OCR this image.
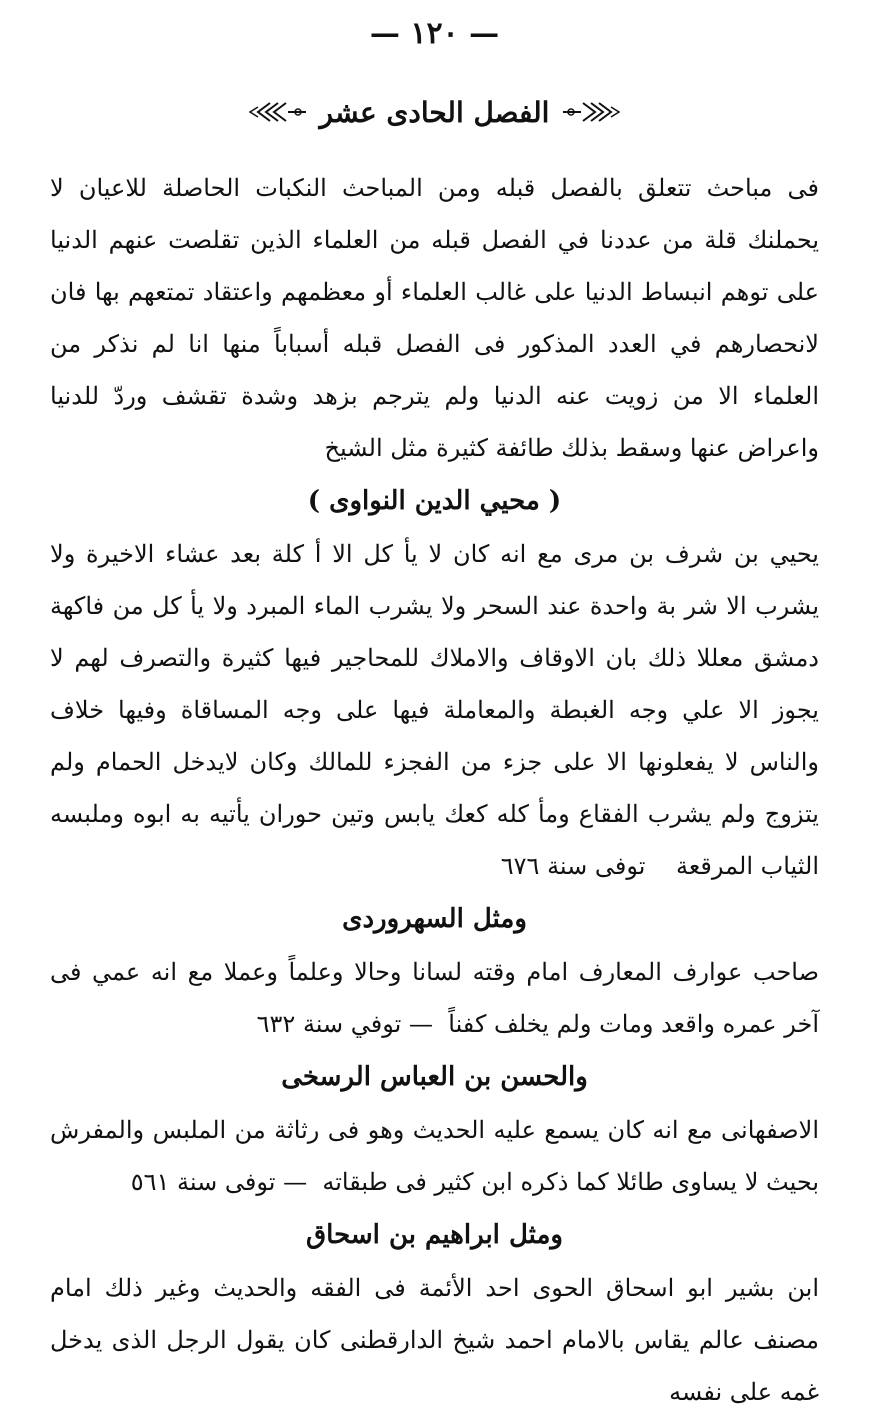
— ١٢٠ —
الفصل الحادى عشر

فى مباحث تتعلق بالفصل قبله ومن المباحث النكبات الحاصلة للاعيان لا يحملنك قلة من عددنا في الفصل قبله من العلماء الذين تقلصت عنهم الدنيا على توهم انبساط الدنيا على غالب العلماء أو معظمهم واعتقاد تمتعهم بها فان لانحصارهم في العدد المذكور فى الفصل قبله أسباباً منها انا لم نذكر من العلماء الا من زويت عنه الدنيا ولم يترجم بزهد وشدة تقشف وردّ للدنيا واعراض عنها وسقط بذلك طائفة كثيرة مثل الشيخ

( محيي الدين النواوى )

يحيي بن شرف بن مرى مع انه كان لا يأ كل الا أ كلة بعد عشاء الاخيرة ولا يشرب الا شر بة واحدة عند السحر ولا يشرب الماء المبرد ولا يأ كل من فاكهة دمشق معللا ذلك بان الاوقاف والاملاك للمحاجير فيها كثيرة والتصرف لهم لا يجوز الا علي وجه الغبطة والمعاملة فيها على وجه المساقاة وفيها خلاف والناس لا يفعلونها الا على جزء من الفجزء للمالك وكان لايدخل الحمام ولم يتزوج ولم يشرب الفقاع ومأ كله كعك يابس وتين حوران يأتيه به ابوه وملبسه الثياب المرقعة    توفى سنة ٦٧٦

ومثل السهروردى

صاحب عوارف المعارف امام وقته لسانا وحالا وعلماً وعملا مع انه عمي فى آخر عمره واقعد ومات ولم يخلف كفناً  — توفي سنة ٦٣٢

والحسن بن العباس الرسخى

الاصفهانى مع انه كان يسمع عليه الحديث وهو فى رثاثة من الملبس والمفرش بحيث لا يساوى طائلا كما ذكره ابن كثير فى طبقاته  — توفى سنة ٥٦١

ومثل ابراهيم بن اسحاق

ابن بشير ابو اسحاق الحوى احد الأئمة فى الفقه والحديث وغير ذلك امام مصنف عالم يقاس بالامام احمد شيخ الدارقطنى كان يقول الرجل الذى يدخل غمه على نفسه
